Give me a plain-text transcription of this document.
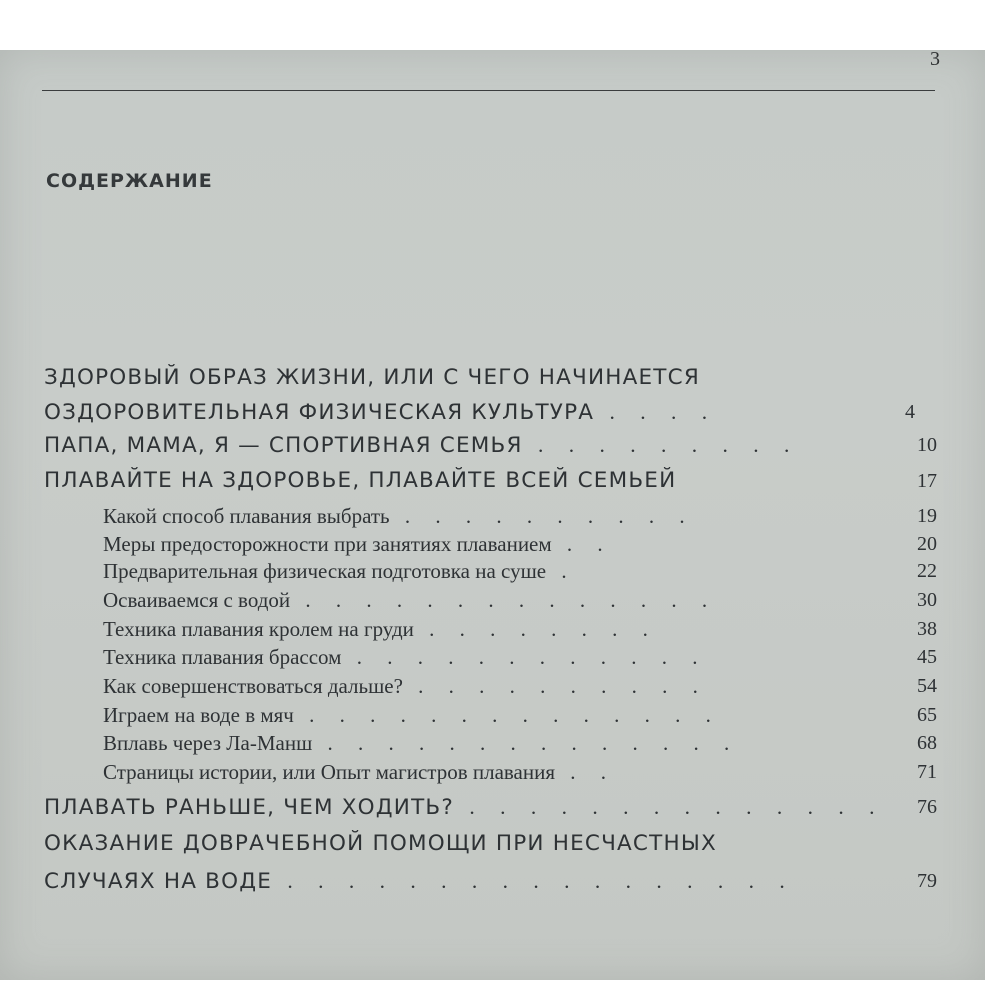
3
СОДЕРЖАНИЕ
ЗДОРОВЫЙ ОБРАЗ ЖИЗНИ, ИЛИ С ЧЕГО НАЧИНАЕТСЯ
ОЗДОРОВИТЕЛЬНАЯ ФИЗИЧЕСКАЯ КУЛЬТУРА . . . .	4
ПАПА, МАМА, Я — СПОРТИВНАЯ СЕМЬЯ . . . . . . . . .	10
ПЛАВАЙТЕ НА ЗДОРОВЬЕ, ПЛАВАЙТЕ ВСЕЙ СЕМЬЕЙ	17
Какой способ плавания выбрать . . . . . . . . . .	19
Меры предосторожности при занятиях плаванием . .	20
Предварительная физическая подготовка на суше .	22
Осваиваемся с водой . . . . . . . . . . . . . .	30
Техника плавания кролем на груди . . . . . . . .	38
Техника плавания брассом . . . . . . . . . . . .	45
Как совершенствоваться дальше? . . . . . . . . . .	54
Играем на воде в мяч . . . . . . . . . . . . . .	65
Вплавь через Ла-Манш . . . . . . . . . . . . . .	68
Страницы истории, или Опыт магистров плавания . .	71
ПЛАВАТЬ РАНЬШЕ, ЧЕМ ХОДИТЬ? . . . . . . . . . . . . . .	76
ОКАЗАНИЕ ДОВРАЧЕБНОЙ ПОМОЩИ ПРИ НЕСЧАСТНЫХ
СЛУЧАЯХ НА ВОДЕ . . . . . . . . . . . . . . . . .	79
